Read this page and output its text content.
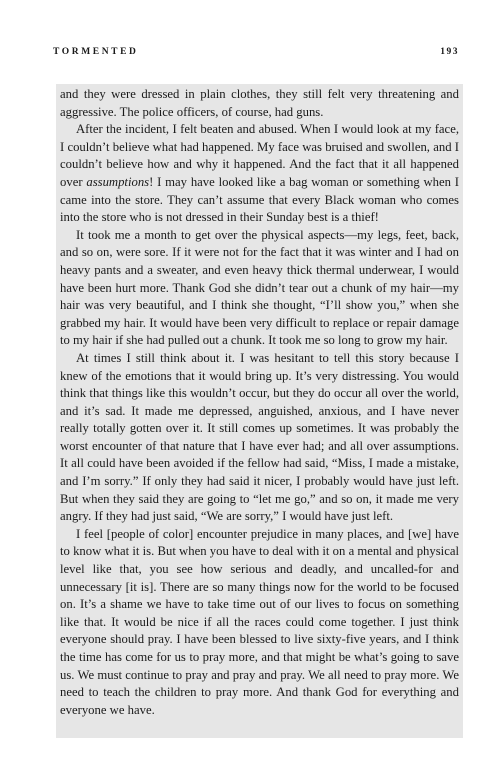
TORMENTED	193

and they were dressed in plain clothes, they still felt very threatening and aggressive. The police officers, of course, had guns.

After the incident, I felt beaten and abused. When I would look at my face, I couldn’t believe what had happened. My face was bruised and swollen, and I couldn’t believe how and why it happened. And the fact that it all happened over assumptions! I may have looked like a bag woman or something when I came into the store. They can’t assume that every Black woman who comes into the store who is not dressed in their Sunday best is a thief!

It took me a month to get over the physical aspects—my legs, feet, back, and so on, were sore. If it were not for the fact that it was winter and I had on heavy pants and a sweater, and even heavy thick thermal underwear, I would have been hurt more. Thank God she didn’t tear out a chunk of my hair—my hair was very beautiful, and I think she thought, “I’ll show you,” when she grabbed my hair. It would have been very difficult to replace or repair damage to my hair if she had pulled out a chunk. It took me so long to grow my hair.

At times I still think about it. I was hesitant to tell this story because I knew of the emotions that it would bring up. It’s very distressing. You would think that things like this wouldn’t occur, but they do occur all over the world, and it’s sad. It made me depressed, anguished, anxious, and I have never really totally gotten over it. It still comes up sometimes. It was probably the worst encounter of that nature that I have ever had; and all over assumptions. It all could have been avoided if the fellow had said, “Miss, I made a mistake, and I’m sorry.” If only they had said it nicer, I probably would have just left. But when they said they are going to “let me go,” and so on, it made me very angry. If they had just said, “We are sorry,” I would have just left.

I feel [people of color] encounter prejudice in many places, and [we] have to know what it is. But when you have to deal with it on a mental and physical level like that, you see how serious and deadly, and uncalled-for and unnecessary [it is]. There are so many things now for the world to be focused on. It’s a shame we have to take time out of our lives to focus on something like that. It would be nice if all the races could come together. I just think everyone should pray. I have been blessed to live sixty-five years, and I think the time has come for us to pray more, and that might be what’s going to save us. We must continue to pray and pray and pray. We all need to pray more. We need to teach the children to pray more. And thank God for everything and everyone we have.
